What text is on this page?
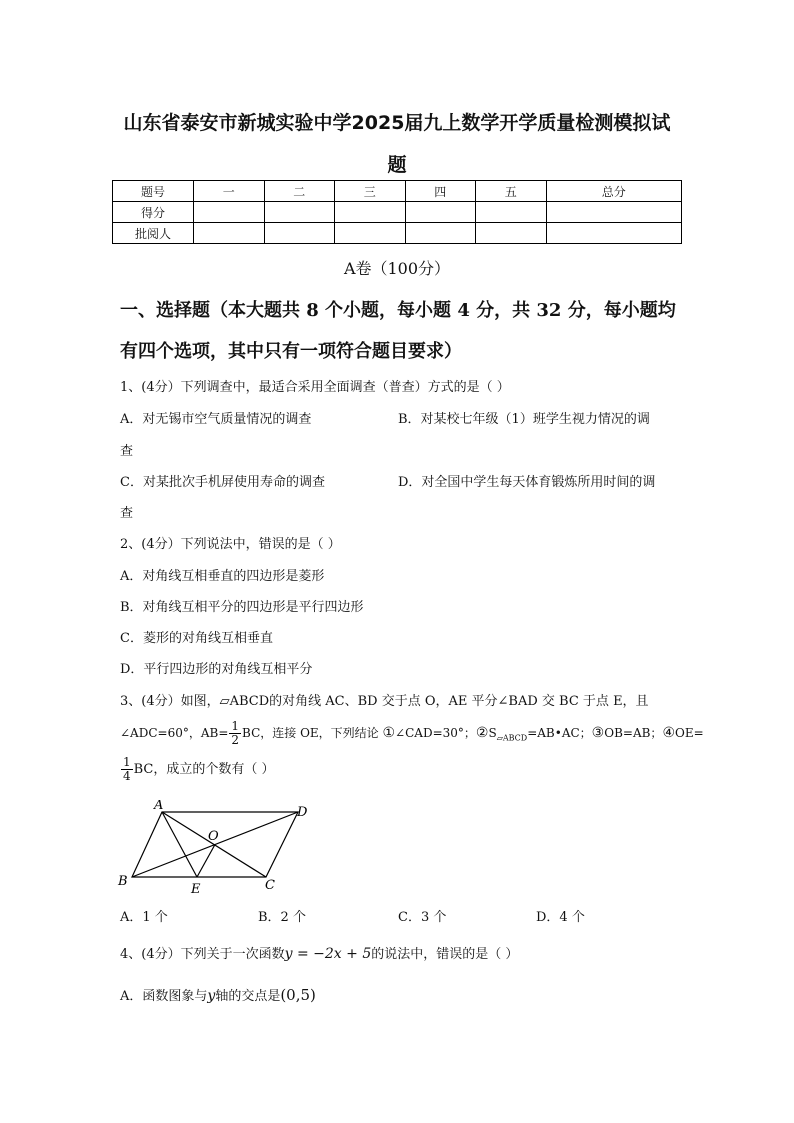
山东省泰安市新城实验中学2025届九上数学开学质量检测模拟试
题
题号	一	二	三	四	五	总分
得分						
批阅人						
A卷（100分）
一、选择题（本大题共 8 个小题，每小题 4 分，共 32 分，每小题均
有四个选项，其中只有一项符合题目要求）
1、(4分）下列调查中，最适合采用全面调查（普查）方式的是（ ）
A．对无锡市空气质量情况的调查	B．对某校七年级（1）班学生视力情况的调
查
C．对某批次手机屏使用寿命的调查	D．对全国中学生每天体育锻炼所用时间的调
查
2、(4分）下列说法中，错误的是（ ）
A．对角线互相垂直的四边形是菱形
B．对角线互相平分的四边形是平行四边形
C．菱形的对角线互相垂直
D．平行四边形的对角线互相平分
3、(4分）如图，▱ABCD的对角线 AC、BD 交于点 O，AE 平分∠BAD 交 BC 于点 E，且
∠ADC=60°，$AB= \frac{1}{2}$ BC，连接 OE，下列结论 ①∠CAD=30°；$②S_{▱ABCD}=AB•AC$；③OB=AB；④OE=
$\frac{1}{4}$ BC，成立的个数有（ ）
A	D
B	C
O
E
A．1 个	B．2 个	C．3 个	D．4 个
4、(4分）下列关于一次函数y = −2x + 5的说法中，错误的是（ ）
A．函数图象与y轴的交点是(0,5)
